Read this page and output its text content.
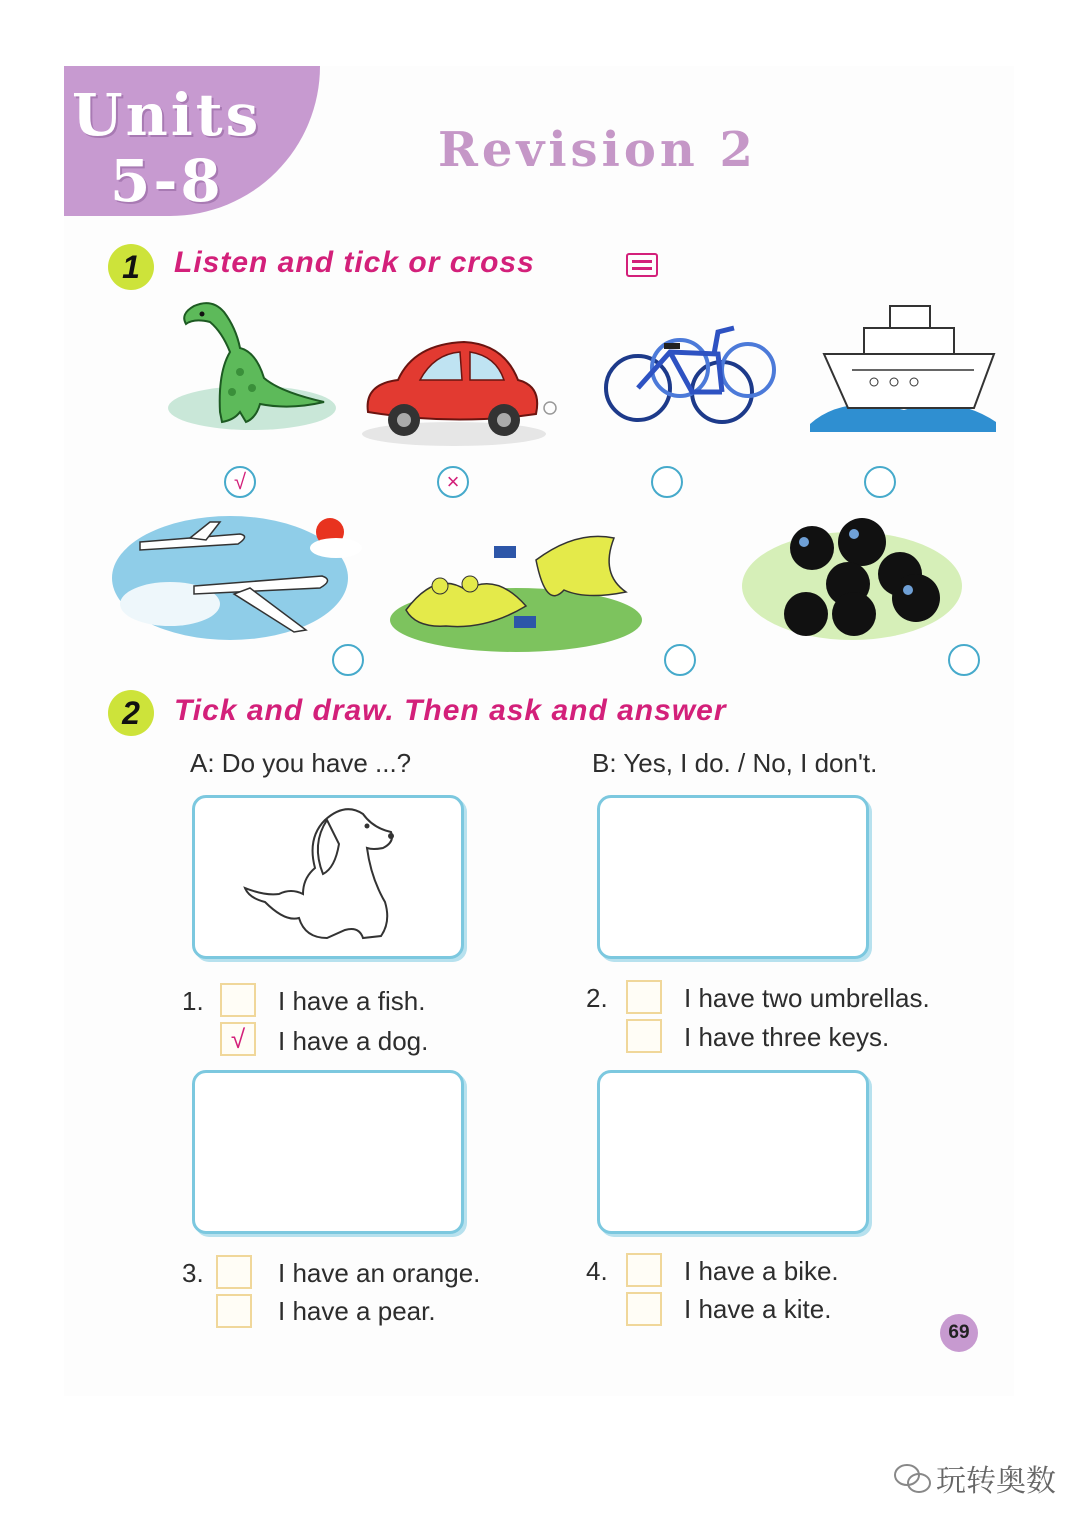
Units
5-8	Revision 2
1	Listen and tick or cross
√	×
2	Tick and draw. Then ask and answer
A: Do you have ...?	B: Yes, I do. / No, I don't.
1.	I have a fish.
√	I have a dog.
2.	I have two umbrellas.
I have three keys.
3.	I have an orange.
I have a pear.
4.	I have a bike.
I have a kite.
69
玩转奥数
